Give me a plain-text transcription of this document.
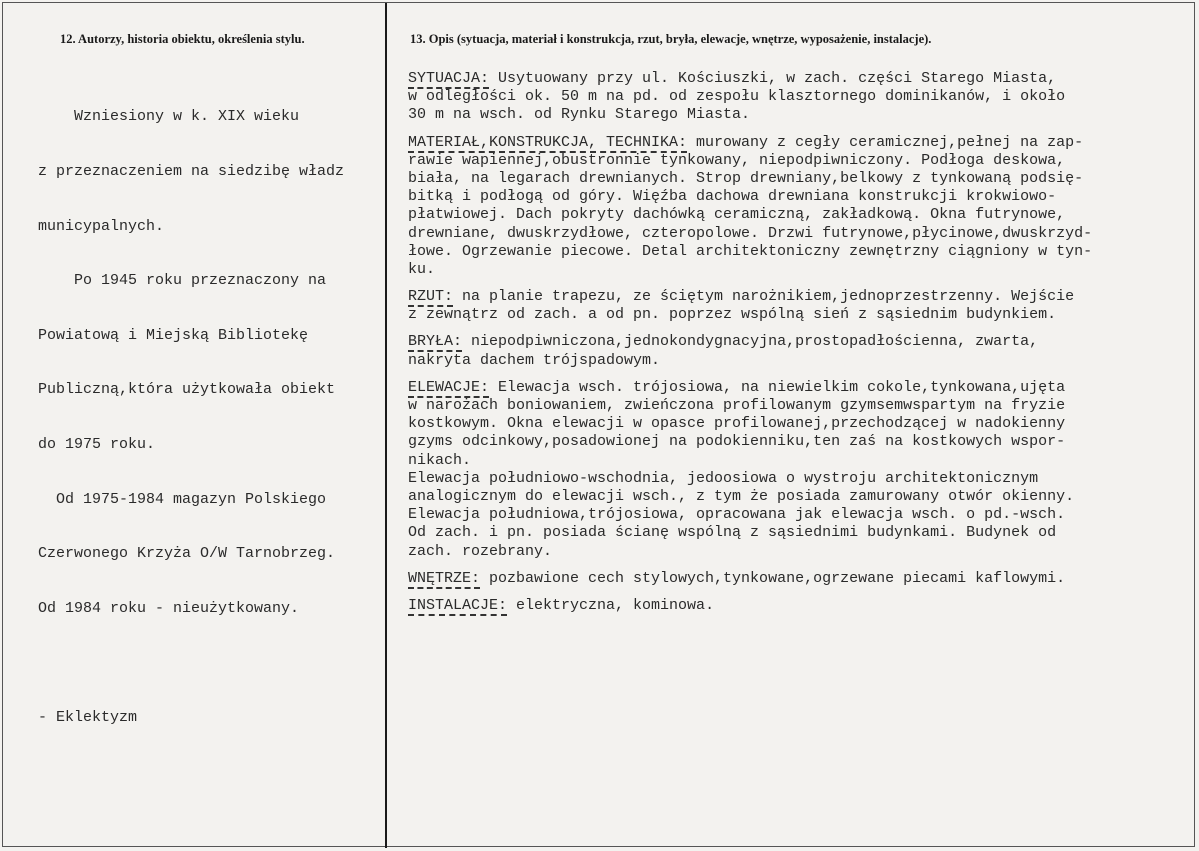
12. Autorzy, historia obiektu, określenia stylu.	13. Opis (sytuacja, materiał i konstrukcja, rzut, bryła, elewacje, wnętrze, wyposażenie, instalacje).

Wzniesiony w k. XIX wieku

z przeznaczeniem na siedzibę władz

municypalnych.

Po 1945 roku przeznaczony na

Powiatową i Miejską Bibliotekę

Publiczną,która użytkowała obiekt

do 1975 roku.

Od 1975-1984 magazyn Polskiego

Czerwonego Krzyża O/W Tarnobrzeg.

Od 1984 roku - nieużytkowany.

- Eklektyzm

SYTUACJA: Usytuowany przy ul. Kościuszki, w zach. części Starego Miasta,
w odległości ok. 50 m na pd. od zespołu klasztornego dominikanów, i około
30 m na wsch. od Rynku Starego Miasta.
MATERIAŁ,KONSTRUKCJA, TECHNIKA: murowany z cegły ceramicznej,pełnej na zap-
rawie wapiennej,obustronnie tynkowany, niepodpiwniczony. Podłoga deskowa,
biała, na legarach drewnianych. Strop drewniany,belkowy z tynkowaną podsię-
bitką i podłogą od góry. Więźba dachowa drewniana konstrukcji krokwiowo-
płatwiowej. Dach pokryty dachówką ceramiczną, zakładkową. Okna futrynowe,
drewniane, dwuskrzydłowe, czteropolowe. Drzwi futrynowe,płycinowe,dwuskrzyd-
łowe. Ogrzewanie piecowe. Detal architektoniczny zewnętrzny ciągniony w tyn-
ku.
RZUT: na planie trapezu, ze ściętym narożnikiem,jednoprzestrzenny. Wejście
z zewnątrz od zach. a od pn. poprzez wspólną sień z sąsiednim budynkiem.
BRYŁA: niepodpiwniczona,jednokondygnacyjna,prostopadłościenna, zwarta,
nakryta dachem trójspadowym.
ELEWACJE: Elewacja wsch. trójosiowa, na niewielkim cokole,tynkowana,ujęta
w narożach boniowaniem, zwieńczona profilowanym gzymsemwspartym na fryzie
kostkowym. Okna elewacji w opasce profilowanej,przechodzącej w nadokienny
gzyms odcinkowy,posadowionej na podokienniku,ten zaś na kostkowych wspor-
nikach.
Elewacja południowo-wschodnia, jedoosiowa o wystroju architektonicznym
analogicznym do elewacji wsch., z tym że posiada zamurowany otwór okienny.
Elewacja południowa,trójosiowa, opracowana jak elewacja wsch. o pd.-wsch.
Od zach. i pn. posiada ścianę wspólną z sąsiednimi budynkami. Budynek od
zach. rozebrany.
WNĘTRZE: pozbawione cech stylowych,tynkowane,ogrzewane piecami kaflowymi.
INSTALACJE: elektryczna, kominowa.
